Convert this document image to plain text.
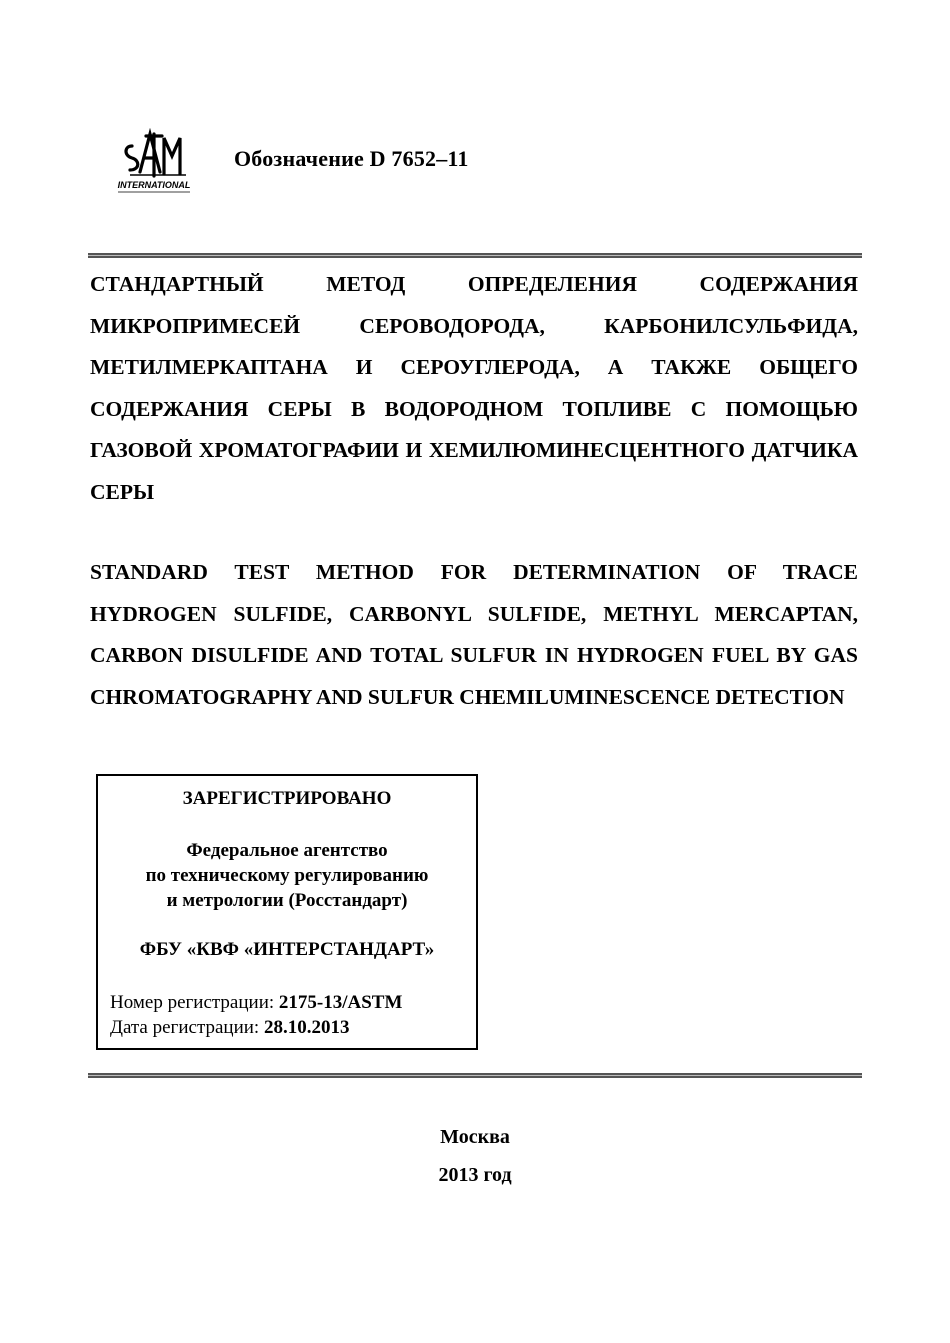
INTERNATIONAL
Обозначение D 7652–11

СТАНДАРТНЫЙ МЕТОД ОПРЕДЕЛЕНИЯ СОДЕРЖАНИЯ МИКРОПРИМЕСЕЙ СЕРОВОДОРОДА, КАРБОНИЛСУЛЬФИДА, МЕТИЛМЕРКАПТАНА И СЕРОУГЛЕРОДА, А ТАКЖЕ ОБЩЕГО СОДЕРЖАНИЯ СЕРЫ В ВОДОРОДНОМ ТОПЛИВЕ С ПОМОЩЬЮ ГАЗОВОЙ ХРОМАТОГРАФИИ И ХЕМИЛЮМИНЕСЦЕНТНОГО ДАТЧИКА СЕРЫ

STANDARD TEST METHOD FOR DETERMINATION OF TRACE HYDROGEN SULFIDE, CARBONYL SULFIDE, METHYL MERCAPTAN, CARBON DISULFIDE AND TOTAL SULFUR IN HYDROGEN FUEL BY GAS CHROMATOGRAPHY AND SULFUR CHEMILUMINESCENCE DETECTION

ЗАРЕГИСТРИРОВАНО
Федеральное агентство
по техническому регулированию
и метрологии (Росстандарт)
ФБУ «КВФ «ИНТЕРСТАНДАРТ»
Номер регистрации: 2175-13/ASTM
Дата регистрации: 28.10.2013
Москва
2013 год
